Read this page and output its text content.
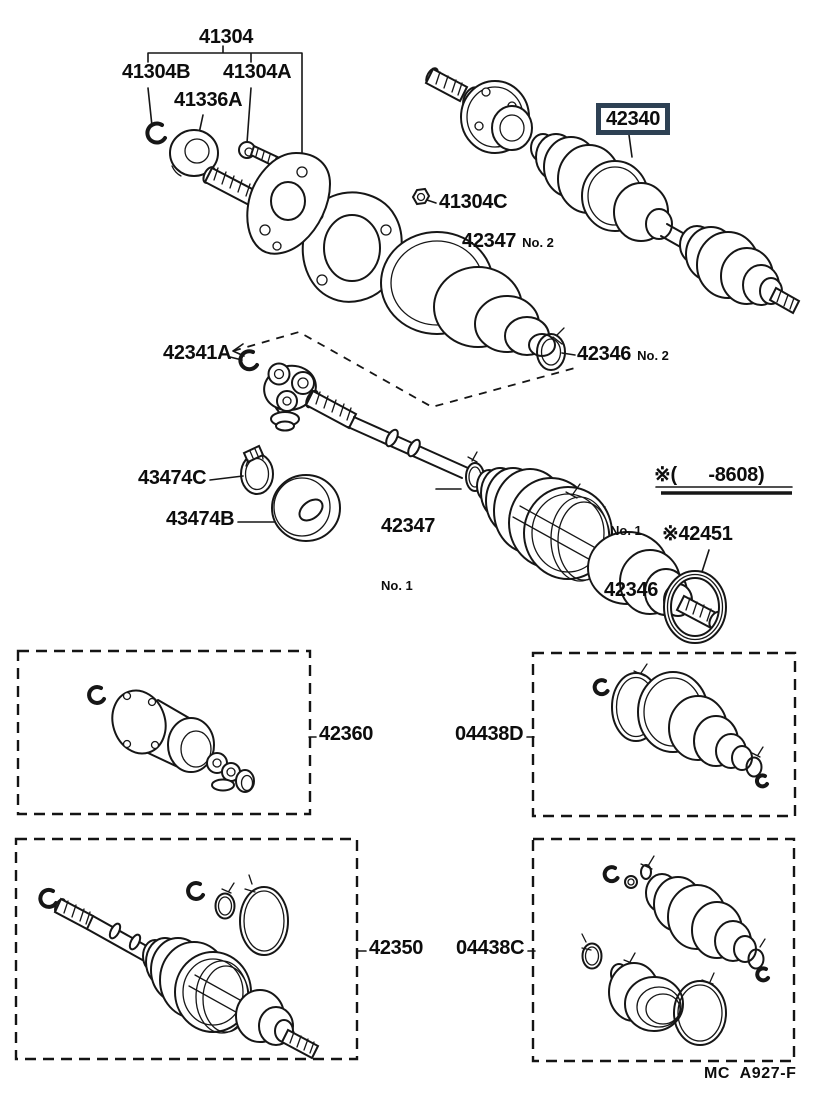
41304
41304B 41304A
41336A
42340
41304C
42347 No. 2
42341A	42346 No. 2
43474C
43474B

	42347

No. 1

※(      -8608)

No. 1

42346

※42451
42360	04438D
42350 04438C
MC  A927-F
